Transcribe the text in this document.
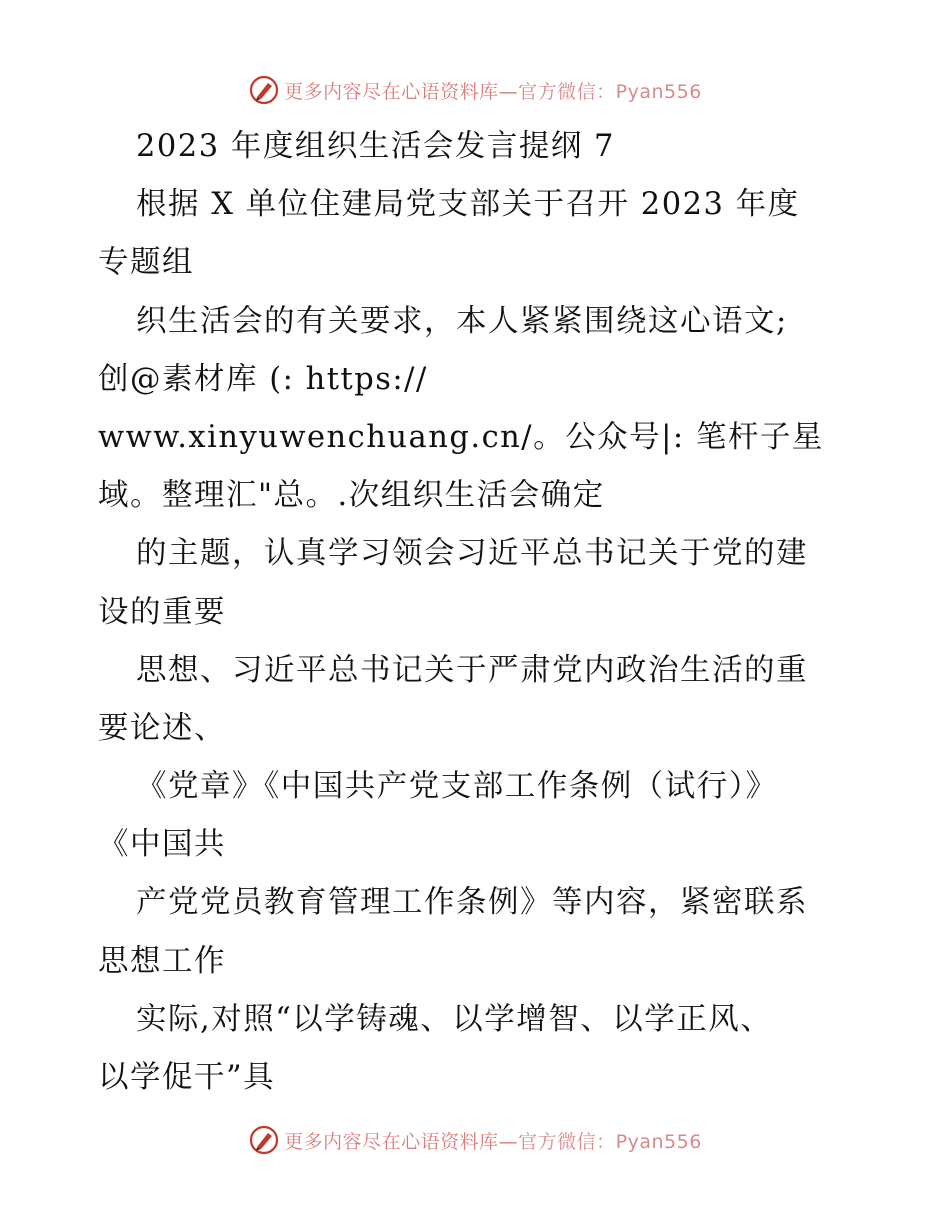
更多内容尽在心语资料库—官方微信：Pyan556
2023 年度组织生活会发言提纲 7
根据 X 单位住建局党支部关于召开 2023 年度
专题组
织生活会的有关要求，本人紧紧围绕这心语文;
创@素材库 (: https://
www.xinyuwenchuang.cn/。公众号|: 笔杆子星
域。整理汇"总。.次组织生活会确定
的主题，认真学习领会习近平总书记关于党的建
设的重要
思想、习近平总书记关于严肃党内政治生活的重
要论述、
《党章》《中国共产党支部工作条例（试行）》
《中国共
产党党员教育管理工作条例》等内容，紧密联系
思想工作
实际,对照“以学铸魂、以学增智、以学正风、
以学促干”具
更多内容尽在心语资料库—官方微信：Pyan556
